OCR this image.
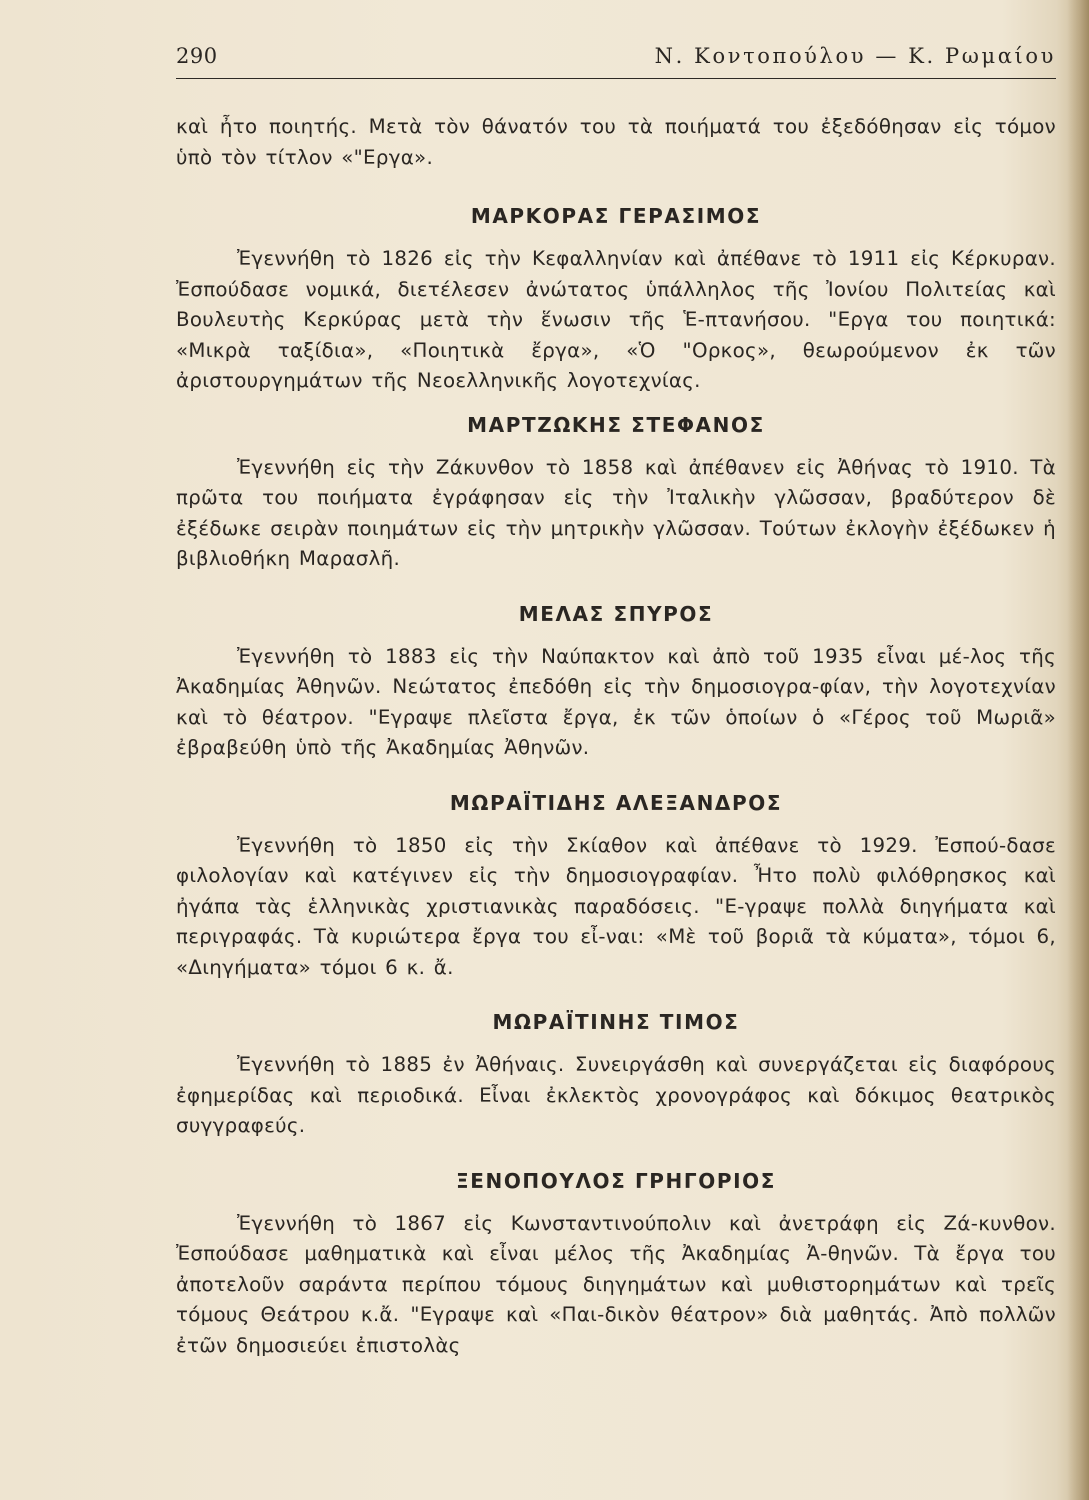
290	Ν. Κοντοπούλου — Κ. Ρωμαίου

καὶ ἦτο ποιητής. Μετὰ τὸν θάνατόν του τὰ ποιήματά του ἐξεδόθησαν εἰς τόμον ὑπὸ τὸν τίτλον «"Εργα».

ΜΑΡΚΟΡΑΣ ΓΕΡΑΣΙΜΟΣ

Ἐγεννήθη τὸ 1826 εἰς τὴν Κεφαλληνίαν καὶ ἀπέθανε τὸ 1911 εἰς Κέρκυραν. Ἐσπούδασε νομικά, διετέλεσεν ἀνώτατος ὑπάλληλος τῆς Ἰονίου Πολιτείας καὶ Βουλευτὴς Κερκύρας μετὰ τὴν ἕνωσιν τῆς Ἑ-πτανήσου. "Εργα του ποιητικά: «Μικρὰ ταξίδια», «Ποιητικὰ ἔργα», «Ὁ "Ορκος», θεωρούμενον ἐκ τῶν ἀριστουργημάτων τῆς Νεοελληνικῆς λογοτεχνίας.

ΜΑΡΤΖΩΚΗΣ ΣΤΕΦΑΝΟΣ

Ἐγεννήθη εἰς τὴν Ζάκυνθον τὸ 1858 καὶ ἀπέθανεν εἰς Ἀθήνας τὸ 1910. Τὰ πρῶτα του ποιήματα ἐγράφησαν εἰς τὴν Ἰταλικὴν γλῶσσαν, βραδύτερον δὲ ἐξέδωκε σειρὰν ποιημάτων εἰς τὴν μητρικὴν γλῶσσαν. Τούτων ἐκλογὴν ἐξέδωκεν ἡ βιβλιοθήκη Μαρασλῆ.

ΜΕΛΑΣ ΣΠΥΡΟΣ

Ἐγεννήθη τὸ 1883 εἰς τὴν Ναύπακτον καὶ ἀπὸ τοῦ 1935 εἶναι μέ-λος τῆς Ἀκαδημίας Ἀθηνῶν. Νεώτατος ἐπεδόθη εἰς τὴν δημοσιογρα-φίαν, τὴν λογοτεχνίαν καὶ τὸ θέατρον. "Εγραψε πλεῖστα ἔργα, ἐκ τῶν ὁποίων ὁ «Γέρος τοῦ Μωριᾶ» ἐβραβεύθη ὑπὸ τῆς Ἀκαδημίας Ἀθηνῶν.

ΜΩΡΑΪΤΙΔΗΣ ΑΛΕΞΑΝΔΡΟΣ

Ἐγεννήθη τὸ 1850 εἰς τὴν Σκίαθον καὶ ἀπέθανε τὸ 1929. Ἐσπού-δασε φιλολογίαν καὶ κατέγινεν εἰς τὴν δημοσιογραφίαν. Ἦτο πολὺ φιλόθρησκος καὶ ἠγάπα τὰς ἑλληνικὰς χριστιανικὰς παραδόσεις. "Ε-γραψε πολλὰ διηγήματα καὶ περιγραφάς. Τὰ κυριώτερα ἔργα του εἶ-ναι: «Μὲ τοῦ βοριᾶ τὰ κύματα», τόμοι 6, «Διηγήματα» τόμοι 6 κ. ἄ.

ΜΩΡΑΪΤΙΝΗΣ ΤΙΜΟΣ

Ἐγεννήθη τὸ 1885 ἐν Ἀθήναις. Συνειργάσθη καὶ συνεργάζεται εἰς διαφόρους ἐφημερίδας καὶ περιοδικά. Εἶναι ἐκλεκτὸς χρονογράφος καὶ δόκιμος θεατρικὸς συγγραφεύς.

ΞΕΝΟΠΟΥΛΟΣ ΓΡΗΓΟΡΙΟΣ

Ἐγεννήθη τὸ 1867 εἰς Κωνσταντινούπολιν καὶ ἀνετράφη εἰς Ζά-κυνθον. Ἐσπούδασε μαθηματικὰ καὶ εἶναι μέλος τῆς Ἀκαδημίας Ἀ-θηνῶν. Τὰ ἔργα του ἀποτελοῦν σαράντα περίπου τόμους διηγημάτων καὶ μυθιστορημάτων καὶ τρεῖς τόμους Θεάτρου κ.ἄ. "Εγραψε καὶ «Παι-δικὸν θέατρον» διὰ μαθητάς. Ἀπὸ πολλῶν ἐτῶν δημοσιεύει ἐπιστολὰς
